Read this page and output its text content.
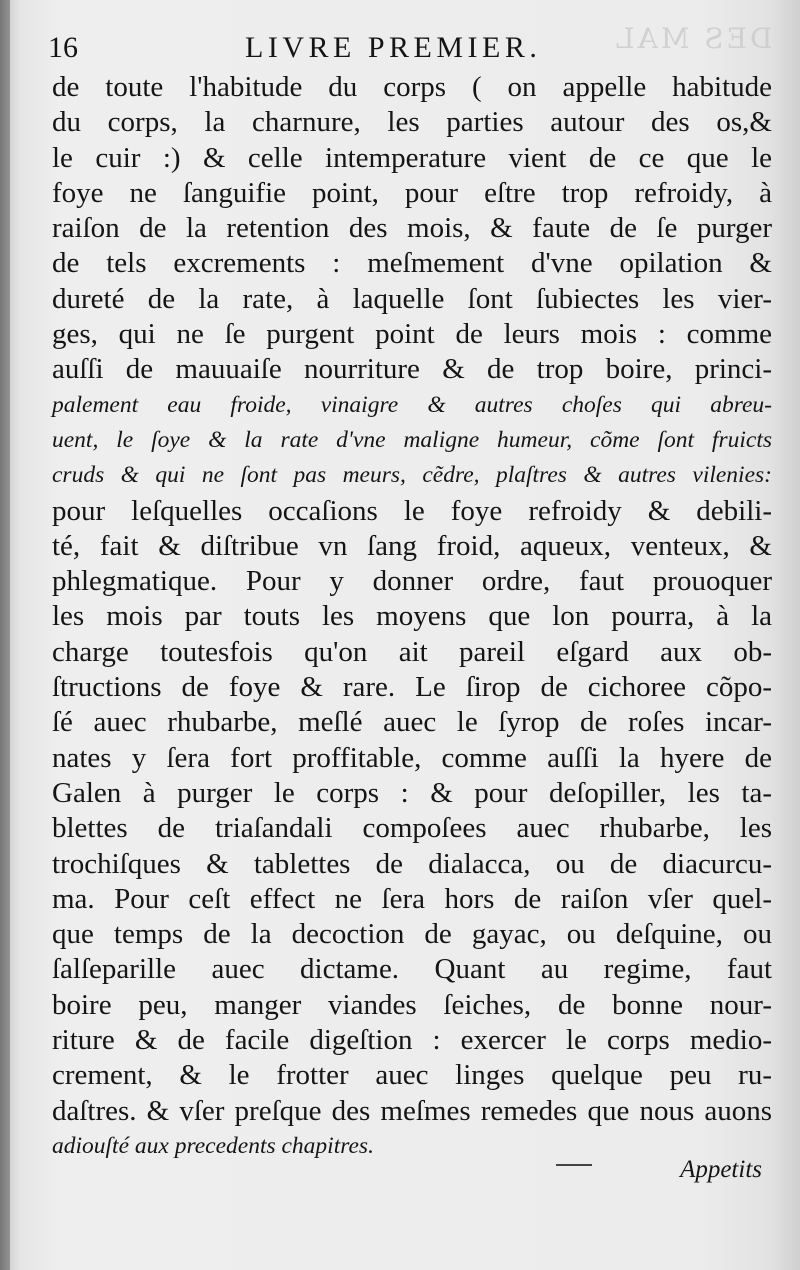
DES MAL
16	LIVRE PREMIER.
de toute l'habitude du corps ( on appelle habitude
du corps, la charnure, les parties autour des os,&
le cuir :) & celle intemperature vient de ce que le
foye ne ſanguifie point, pour eſtre trop refroidy, à
raiſon de la retention des mois, & faute de ſe purger
de tels excrements : meſmement d'vne opilation &
dureté de la rate, à laquelle ſont ſubiectes les vier-
ges, qui ne ſe purgent point de leurs mois : comme
auſſi de mauuaiſe nourriture & de trop boire, princi-
palement eau froide, vinaigre & autres choſes qui abreu-
uent, le ſoye & la rate d'vne maligne humeur, cõme ſont fruicts
cruds & qui ne ſont pas meurs, cẽdre, plaſtres & autres vilenies:
pour leſquelles occaſions le foye refroidy & debili-
té, fait & diſtribue vn ſang froid, aqueux, venteux, &
phlegmatique. Pour y donner ordre, faut prouoquer
les mois par touts les moyens que lon pourra, à la
charge toutesfois qu'on ait pareil eſgard aux ob-
ſtructions de foye & rare. Le ſirop de cichoree cõpo-
ſé auec rhubarbe, meſlé auec le ſyrop de roſes incar-
nates y ſera fort proffitable, comme auſſi la hyere de
Galen à purger le corps : & pour deſopiller, les ta-
blettes de triaſandali compoſees auec rhubarbe, les
trochiſques & tablettes de dialacca, ou de diacurcu-
ma. Pour ceſt effect ne ſera hors de raiſon vſer quel-
que temps de la decoction de gayac, ou deſquine, ou
ſalſeparille auec dictame. Quant au regime, faut
boire peu, manger viandes ſeiches, de bonne nour-
riture & de facile digeſtion : exercer le corps medio-
crement, & le frotter auec linges quelque peu ru-
daſtres. & vſer preſque des meſmes remedes que nous auons
adiouſté aux precedents chapitres.
Appetits
